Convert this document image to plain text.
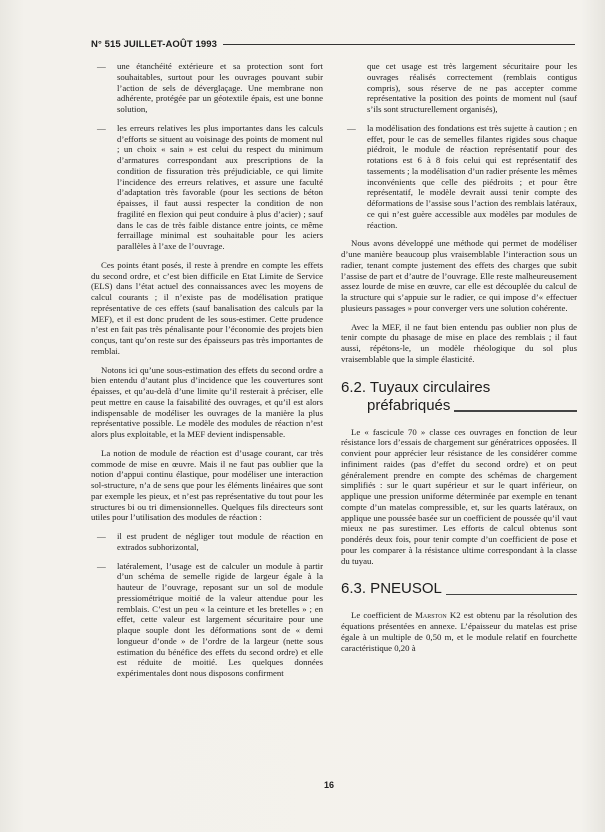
N° 515 JUILLET-AOÛT 1993
—	une étanchéité extérieure et sa protection sont fort souhaitables, surtout pour les ouvrages pouvant subir l’action de sels de déverglaçage. Une membrane non adhérente, protégée par un géotextile épais, est une bonne solution,
—	les erreurs relatives les plus importantes dans les calculs d’efforts se situent au voisinage des points de moment nul ; un choix « sain » est celui du respect du minimum d’armatures correspondant aux prescriptions de la condition de fissuration très préjudiciable, ce qui limite l’incidence des erreurs relatives, et assure une faculté d’adaptation très favorable (pour les sections de béton épaisses, il faut aussi respecter la condition de non fragilité en flexion qui peut conduire à plus d’acier) ; sauf dans le cas de très faible distance entre joints, ce même ferraillage minimal est souhaitable pour les aciers parallèles à l’axe de l’ouvrage.

Ces points étant posés, il reste à prendre en compte les effets du second ordre, et c’est bien difficile en Etat Limite de Service (ELS) dans l’état actuel des connaissances avec les moyens de calcul courants ; il n’existe pas de modélisation pratique représentative de ces effets (sauf banalisation des calculs par la MEF), et il est donc prudent de les sous-estimer. Cette prudence n’est en fait pas très pénalisante pour l’économie des projets bien conçus, tant qu’on reste sur des épaisseurs pas très importantes de remblai.

Notons ici qu’une sous-estimation des effets du second ordre a bien entendu d’autant plus d’incidence que les couvertures sont épaisses, et qu’au-delà d’une limite qu’il resterait à préciser, elle peut mettre en cause la faisabilité des ouvrages, et qu’il est alors indispensable de modéliser les ouvrages de la manière la plus représentative possible. Le modèle des modules de réaction n’est alors plus exploitable, et la MEF devient indispensable.

La notion de module de réaction est d’usage courant, car très commode de mise en œuvre. Mais il ne faut pas oublier que la notion d’appui continu élastique, pour modéliser une interaction sol-structure, n’a de sens que pour les éléments linéaires que sont par exemple les pieux, et n’est pas représentative du tout pour les structures bi ou tri dimensionnelles. Quelques fils directeurs sont utiles pour l’utilisation des modules de réaction :

—	il est prudent de négliger tout module de réaction en extrados subhorizontal,
—	latéralement, l’usage est de calculer un module à partir d’un schéma de semelle rigide de largeur égale à la hauteur de l’ouvrage, reposant sur un sol de module pressiométrique moitié de la valeur attendue pour les remblais. C’est un peu « la ceinture et les bretelles » ; en effet, cette valeur est largement sécuritaire pour une plaque souple dont les déformations sont de « demi longueur d’onde » de l’ordre de la largeur (nette sous estimation du bénéfice des effets du second ordre) et elle est réduite de moitié. Les quelques données expérimentales dont nous disposons confirment
que cet usage est très largement sécuritaire pour les ouvrages réalisés correctement (remblais contigus compris), sous réserve de ne pas accepter comme représentative la position des points de moment nul (sauf s’ils sont structurellement organisés),
—	la modélisation des fondations est très sujette à caution ; en effet, pour le cas de semelles filantes rigides sous chaque piédroit, le module de réaction représentatif pour des rotations est 6 à 8 fois celui qui est représentatif des tassements ; la modélisation d’un radier présente les mêmes inconvénients que celle des piédroits ; et pour être représentatif, le modèle devrait aussi tenir compte des déformations de l’assise sous l’action des remblais latéraux, ce qui n’est guère accessible aux modèles par modules de réaction.

Nous avons développé une méthode qui permet de modéliser d’une manière beaucoup plus vraisemblable l’interaction sous un radier, tenant compte justement des effets des charges que subit l’assise de part et d’autre de l’ouvrage. Elle reste malheureusement assez lourde de mise en œuvre, car elle est découplée du calcul de la structure qui s’appuie sur le radier, ce qui impose d’« effectuer plusieurs passages » pour converger vers une solution cohérente.

Avec la MEF, il ne faut bien entendu pas oublier non plus de tenir compte du phasage de mise en place des remblais ; il faut aussi, répétons-le, un modèle rhéologique du sol plus vraisemblable que la simple élasticité.

6.2. Tuyaux circulaires
préfabriqués

Le « fascicule 70 » classe ces ouvrages en fonction de leur résistance lors d’essais de chargement sur génératrices opposées. Il convient pour apprécier leur résistance de les considérer comme infiniment raides (pas d’effet du second ordre) et on peut généralement prendre en compte des schémas de chargement simplifiés : sur le quart supérieur et sur le quart inférieur, on applique une pression uniforme déterminée par exemple en tenant compte d’un matelas compressible, et, sur les quarts latéraux, on applique une poussée basée sur un coefficient de poussée qu’il vaut mieux ne pas surestimer. Les efforts de calcul obtenus sont pondérés deux fois, pour tenir compte d’un coefficient de pose et pour les comparer à la résistance ultime correspondant à la classe du tuyau.

6.3. PNEUSOL

Le coefficient de Marston K2 est obtenu par la résolution des équations présentées en annexe. L’épaisseur du matelas est prise égale à un multiple de 0,50 m, et le module relatif en fourchette caractéristique 0,20 à

16
